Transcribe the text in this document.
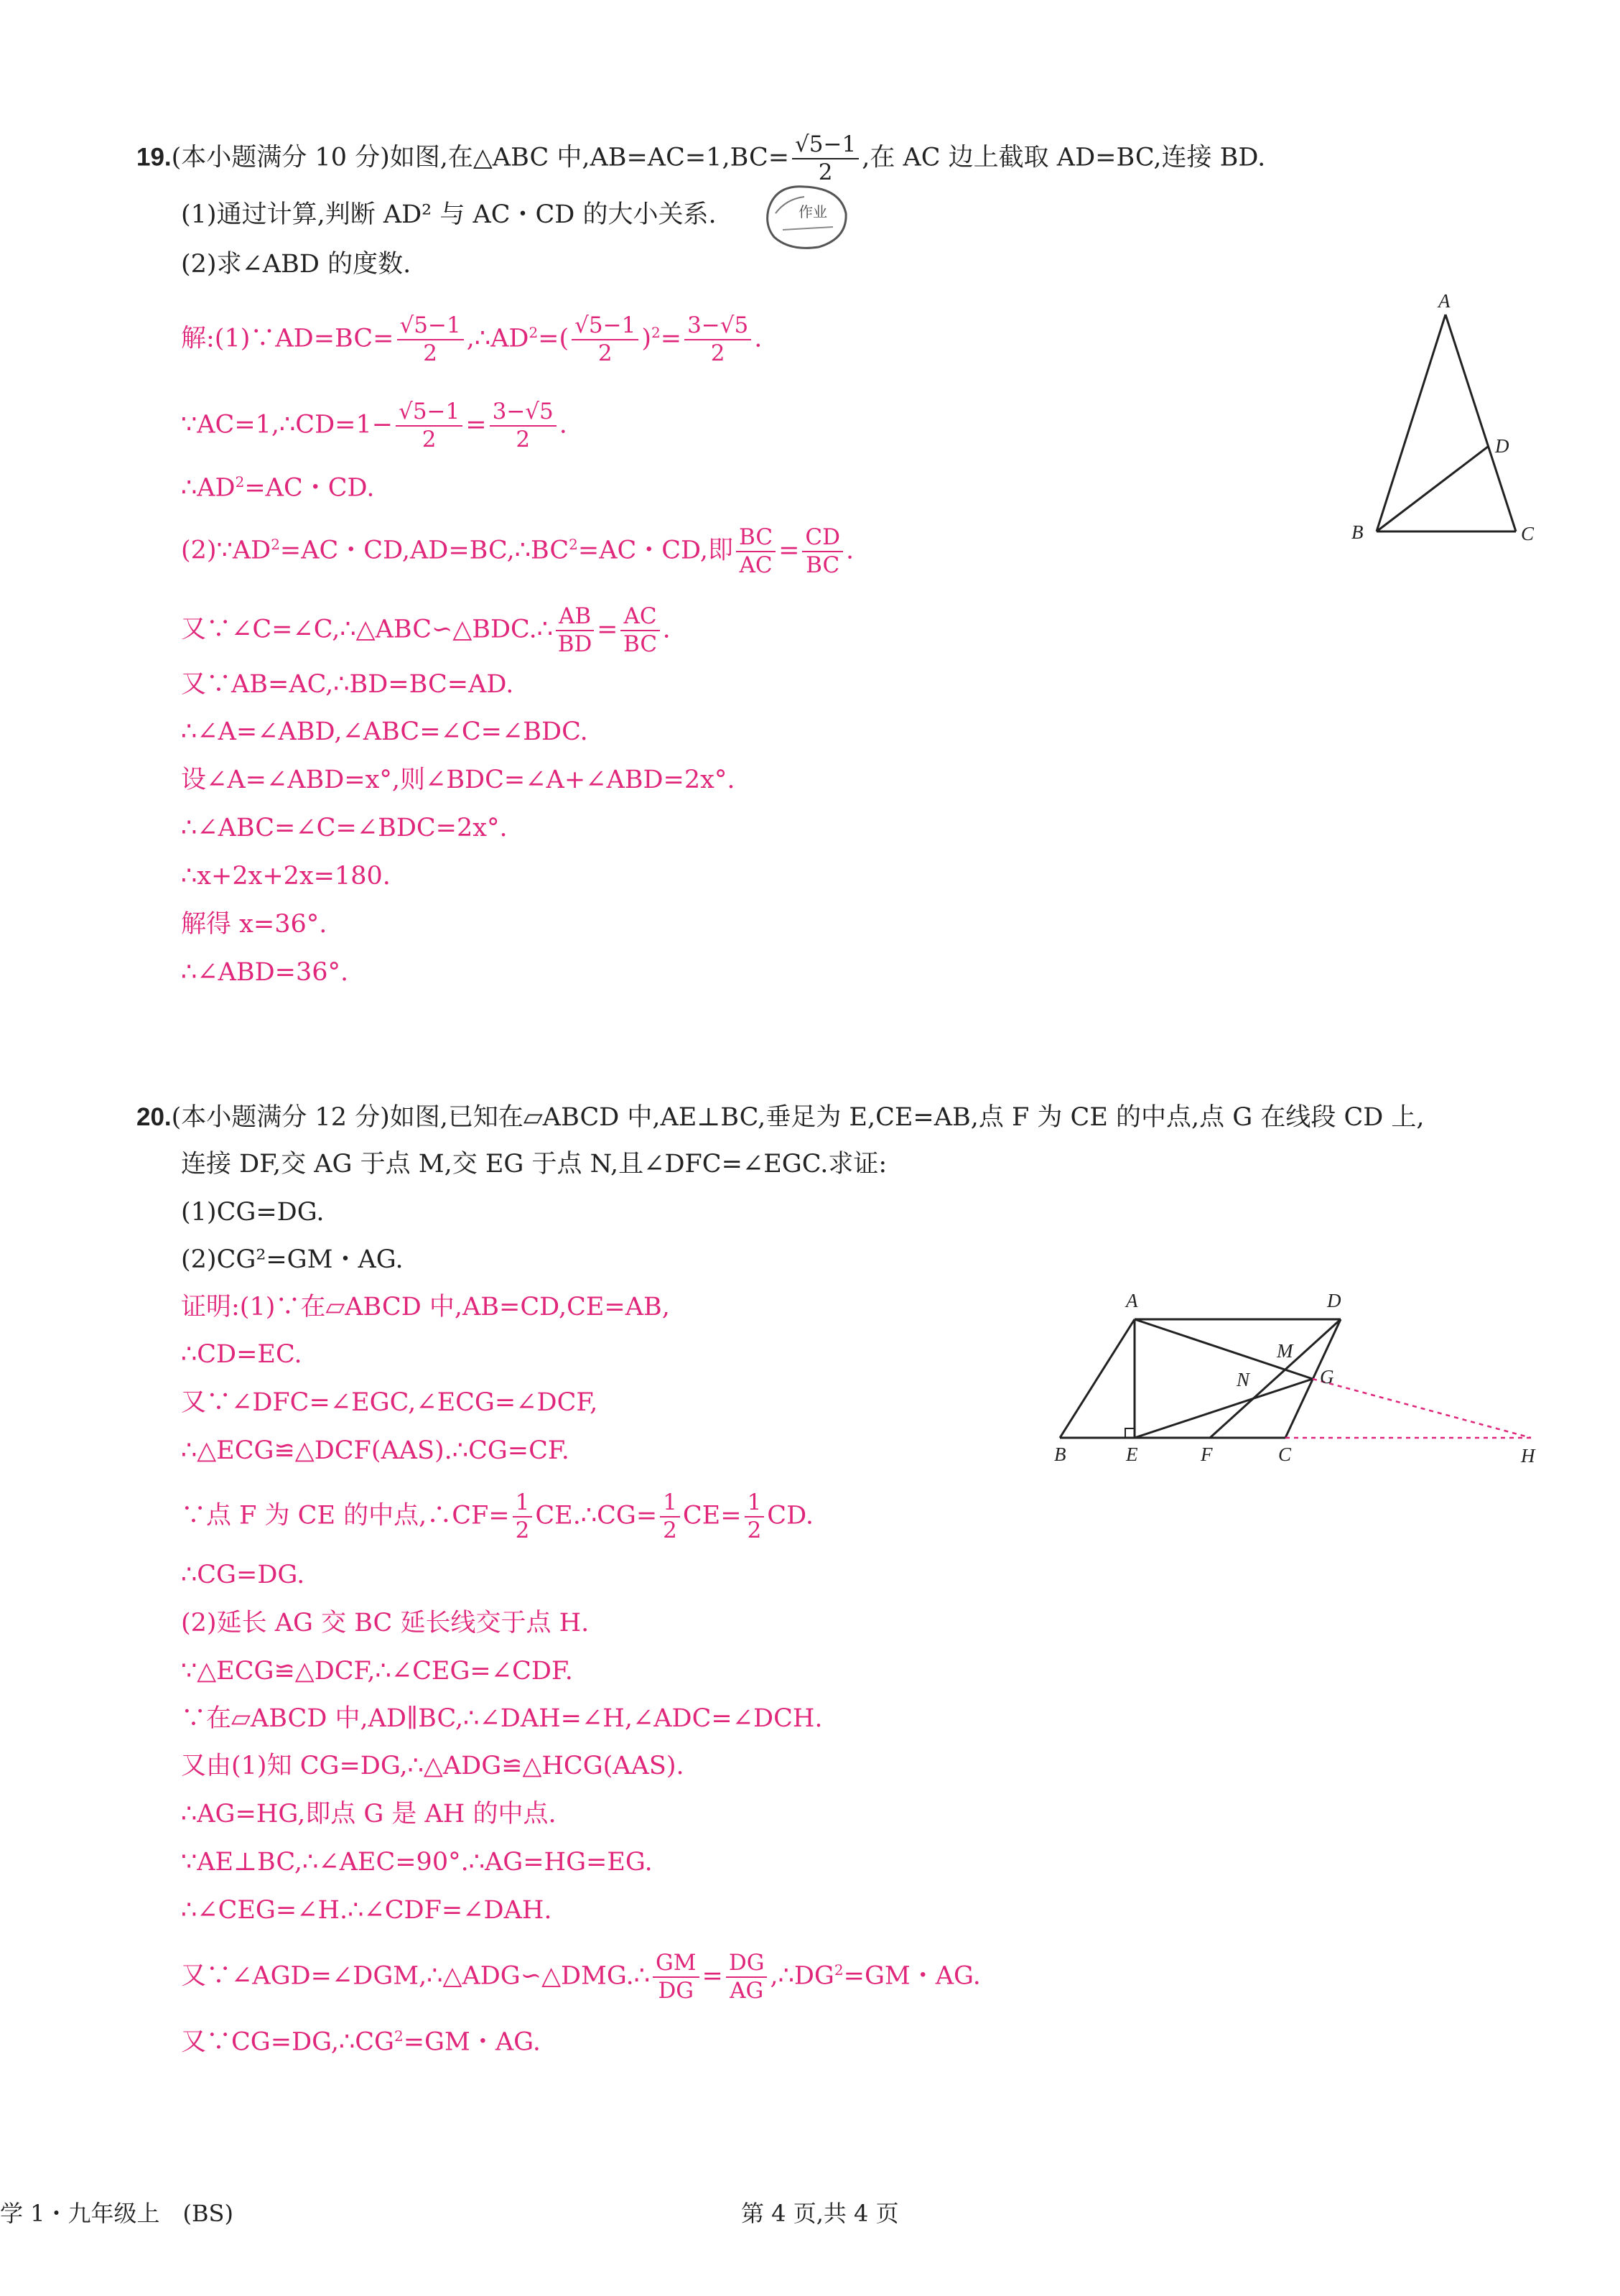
19.(本小题满分 10 分)如图,在△ABC 中$,AB=AC=1,BC= \frac{√5-1}{2}$ ,在 AC 边上截取 AD=BC,连接 BD.
(1)通过计算,判断 AD² 与 AC・CD 的大小关系.
(2)求∠ABD 的度数.
作业
解:(1)∵AD=BC= $\frac{√5-1}{2}$ $,\therefore AD^2=( \frac{√5-1}{2} )^2= \frac{3-√5}{2}$ .
∵AC=1,∴CD=1− $\frac{√5-1}{2} = \frac{3-√5}{2}$ .
$\therefore AD^2=AC$・CD.
$(2)\because AD^2=AC$・$CD,AD=BC,\therefore BC^2=AC$・CD,即 $\frac{BC}{AC} = \frac{CD}{BC}$ .
又∵∠C=∠C,∴△ABC∽△BDC.∴ $\frac{AB}{BD} = \frac{AC}{BC}$ .
又∵AB=AC,∴BD=BC=AD.
∴∠A=∠ABD,∠ABC=∠C=∠BDC.
设∠A=∠ABD=x°,则∠BDC=∠A+∠ABD=2x°.
∴∠ABC=∠C=∠BDC=2x°.
∴x+2x+2x=180.
解得 x=36°.
∴∠ABD=36°.
A
B	C
D
20.(本小题满分 12 分)如图,已知在▱ABCD 中,AE⊥BC,垂足为 E,CE=AB,点 F 为 CE 的中点,点 G 在线段 CD 上,
连接 DF,交 AG 于点 M,交 EG 于点 N,且∠DFC=∠EGC.求证:
(1)CG=DG.
(2)CG²=GM・AG.
证明:(1)∵在▱ABCD 中,AB=CD,CE=AB,
∴CD=EC.
又∵∠DFC=∠EGC,∠ECG=∠DCF,
∴△ECG≌△DCF(AAS).∴CG=CF.
∵点 F 为 CE 的中点,∴CF= $\frac{1}{2}$ CE.∴CG= $\frac{1}{2} CE= \frac{1}{2}$ CD.
∴CG=DG.
(2)延长 AG 交 BC 延长线交于点 H.
∵△ECG≌△DCF,∴∠CEG=∠CDF.
∵在▱ABCD 中,AD∥BC,∴∠DAH=∠H,∠ADC=∠DCH.
又由(1)知 CG=DG,∴△ADG≌△HCG(AAS).
∴AG=HG,即点 G 是 AH 的中点.
∵AE⊥BC,∴∠AEC=90°.∴AG=HG=EG.
∴∠CEG=∠H.∴∠CDF=∠DAH.
又∵∠AGD=∠DGM,∴△ADG∽△DMG.∴ $\frac{GM}{DG} = \frac{DG}{AG}$ $,\therefore DG^2=GM$・AG.
又$\because CG=DG,\therefore CG^2=GM$・AG.
A	D
B	E	F	C
G
H
M
N
学 1・九年级上　(BS)	第 4 页,共 4 页
